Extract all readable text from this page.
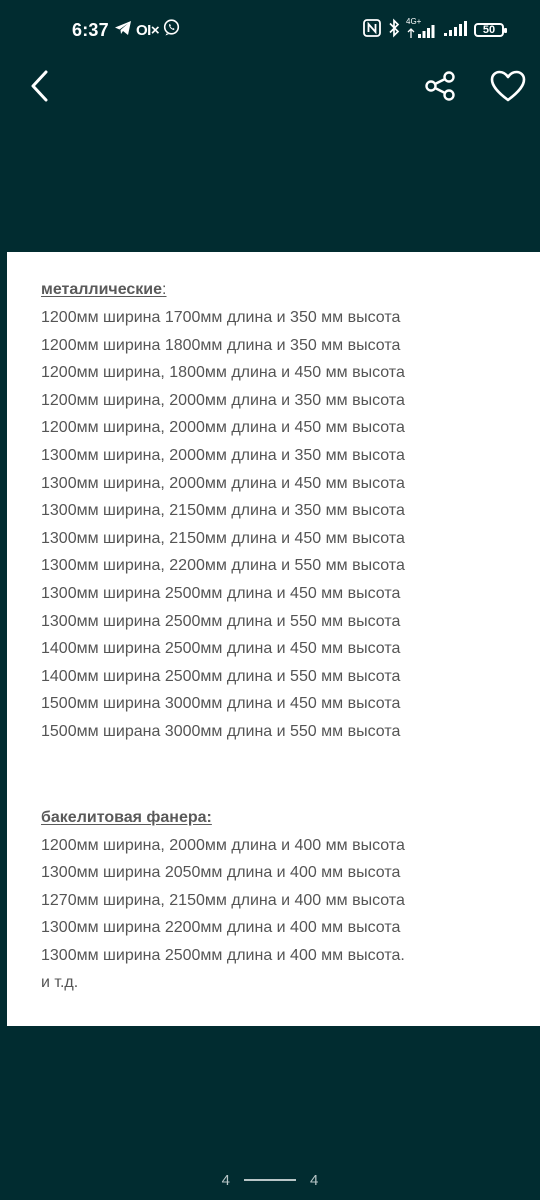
6:37 OI×	4G+
50

металлические:

1200мм ширина 1700мм длина и 350 мм высота

1200мм ширина 1800мм длина и 350 мм высота

1200мм ширина, 1800мм длина и 450 мм высота

1200мм ширина, 2000мм длина и 350 мм высота

1200мм ширина, 2000мм длина и 450 мм высота

1300мм ширина, 2000мм длина и 350 мм высота

1300мм ширина, 2000мм длина и 450 мм высота

1300мм ширина, 2150мм длина и 350 мм высота

1300мм ширина, 2150мм длина и 450 мм высота

1300мм ширина, 2200мм длина и 550 мм высота

1300мм ширина 2500мм длина и 450 мм высота

1300мм ширина 2500мм длина и 550 мм высота

1400мм ширина 2500мм длина и 450 мм высота

1400мм ширина 2500мм длина и 550 мм высота

1500мм ширина 3000мм длина и 450 мм высота

1500мм ширана 3000мм длина и 550 мм высота

бакелитовая фанера:

1200мм ширина, 2000мм длина и 400 мм высота

1300мм ширина 2050мм длина и 400 мм высота

1270мм ширина, 2150мм длина и 400 мм высота

1300мм ширина 2200мм длина и 400 мм высота

1300мм ширина 2500мм длина и 400 мм высота.

и т.д.

4	4
